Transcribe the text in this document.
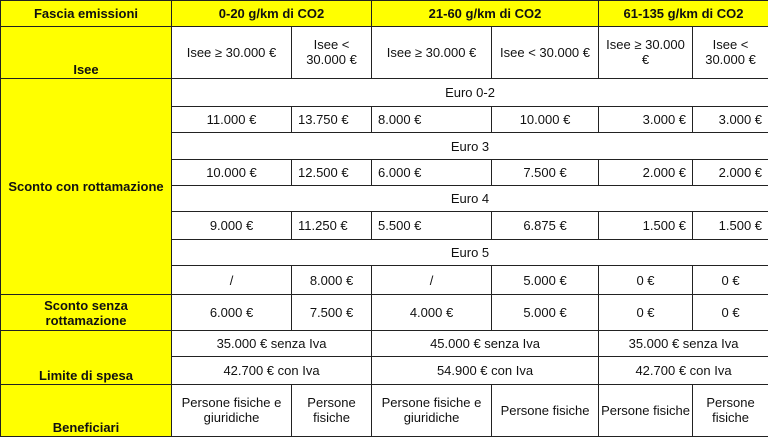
Fascia emissioni	0-20 g/km di CO2		21-60 g/km di CO2		61-135 g/km di CO2	
Isee	Isee ≥ 30.000 €	Isee < 30.000 €	Isee ≥ 30.000 €	Isee < 30.000 €	Isee ≥ 30.000 €	Isee < 30.000 €
Sconto con rottamazione	Euro 0-2					
	11.000 €	13.750 €	8.000 €	10.000 €	3.000 €	3.000 €
	Euro 3					
	10.000 €	12.500 €	6.000 €	7.500 €	2.000 €	2.000 €
	Euro 4					
	9.000 €	11.250 €	5.500 €	6.875 €	1.500 €	1.500 €
	Euro 5					
	/	8.000 €	/	5.000 €	0 €	0 €
Sconto senza rottamazione	6.000 €	7.500 €	4.000 €	5.000 €	0 €	0 €
Limite di spesa	35.000 € senza Iva		45.000 € senza Iva		35.000 € senza Iva	
	42.700 € con Iva		54.900 € con Iva		42.700 € con Iva	
Beneficiari	Persone fisiche e giuridiche	Persone fisiche	Persone fisiche e giuridiche	Persone fisiche	Persone fisiche	Persone fisiche
